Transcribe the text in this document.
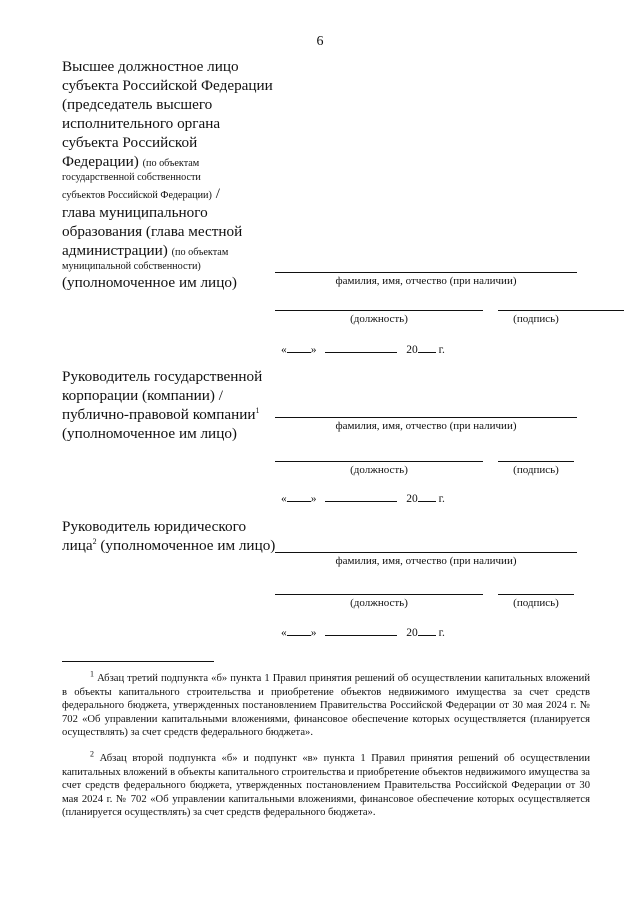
6
Высшее должностное лицо
субъекта Российской Федерации
(председатель высшего
исполнительного органа
субъекта Российской
Федерации) (по объектам
государственной собственности
субъектов Российской Федерации) /
глава муниципального
образования (глава местной
администрации) (по объектам
муниципальной собственности)
(уполномоченное им лицо)	фамилия, имя, отчество (при наличии)
(должность)	(подпись)
« »	20 г.
Руководитель государственной
корпорации (компании) /
публично-правовой компании$^1$
(уполномоченное им лицо)	фамилия, имя, отчество (при наличии)
(должность)	(подпись)
« »	20 г.
Руководитель юридического
лица$^2$ (уполномоченное им лицо)
фамилия, имя, отчество (при наличии)
(должность)	(подпись)
« »	20 г.
$^1$ Абзац третий подпункта «б» пункта 1 Правил принятия решений об осуществлении капитальных вложений в объекты капитального строительства и приобретение объектов недвижимого имущества за счет средств федерального бюджета, утвержденных постановлением Правительства Российской Федерации от 30 мая 2024 г. № 702 «Об управлении капитальными вложениями, финансовое обеспечение которых осуществляется (планируется осуществлять) за счет средств федерального бюджета».
$^2$ Абзац второй подпункта «б» и подпункт «в» пункта 1 Правил принятия решений об осуществлении капитальных вложений в объекты капитального строительства и приобретение объектов недвижимого имущества за счет средств федерального бюджета, утвержденных постановлением Правительства Российской Федерации от 30 мая 2024 г. № 702 «Об управлении капитальными вложениями, финансовое обеспечение которых осуществляется (планируется осуществлять) за счет средств федерального бюджета».
